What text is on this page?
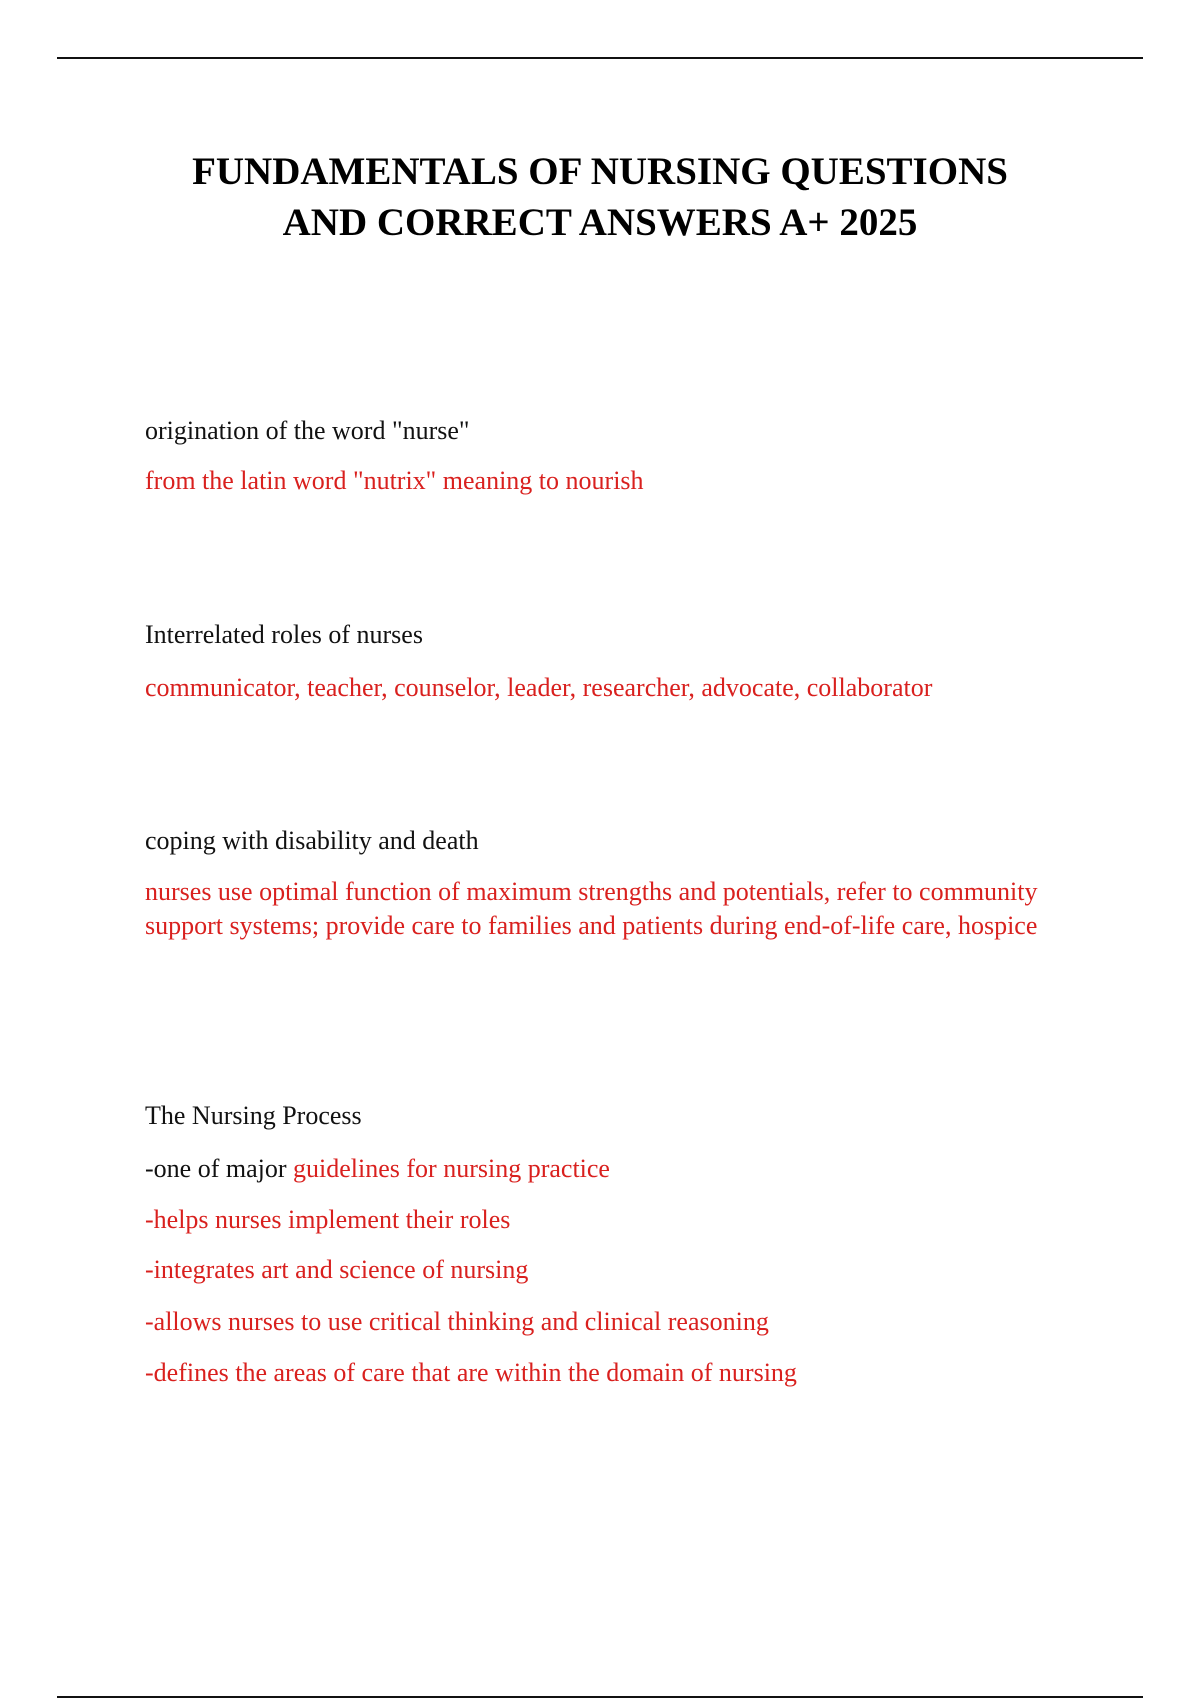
FUNDAMENTALS OF NURSING QUESTIONS
AND CORRECT ANSWERS A+ 2025
origination of the word "nurse"
from the latin word "nutrix" meaning to nourish
Interrelated roles of nurses
communicator, teacher, counselor, leader, researcher, advocate, collaborator
coping with disability and death
nurses use optimal function of maximum strengths and potentials, refer to community support systems; provide care to families and patients during end-of-life care, hospice
The Nursing Process
-one of major guidelines for nursing practice
-helps nurses implement their roles
-integrates art and science of nursing
-allows nurses to use critical thinking and clinical reasoning
-defines the areas of care that are within the domain of nursing
